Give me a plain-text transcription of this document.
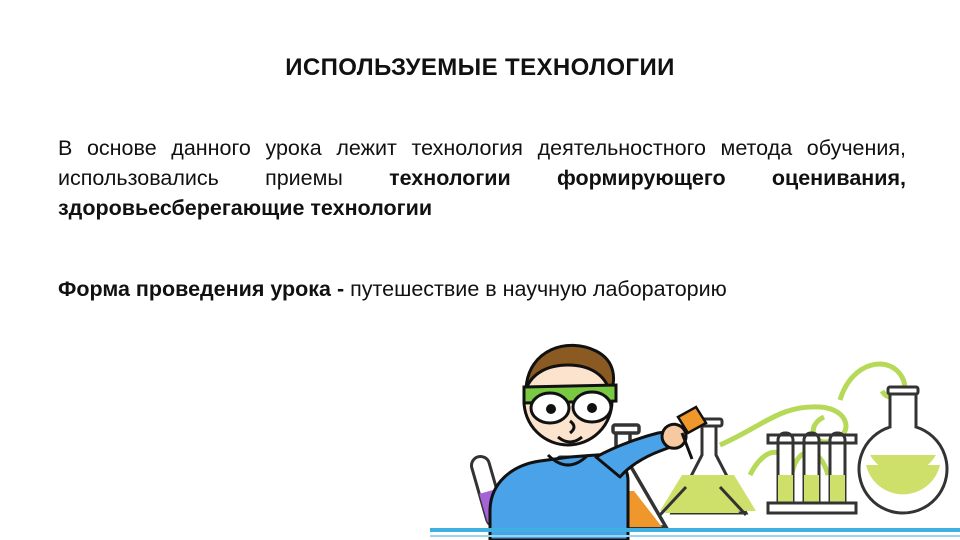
ИСПОЛЬЗУЕМЫЕ ТЕХНОЛОГИИ

В основе данного урока лежит технология деятельностного метода обучения, использовались приемы технологии формирующего оценивания, здоровьесберегающие технологии

Форма проведения урока - путешествие в научную лабораторию
